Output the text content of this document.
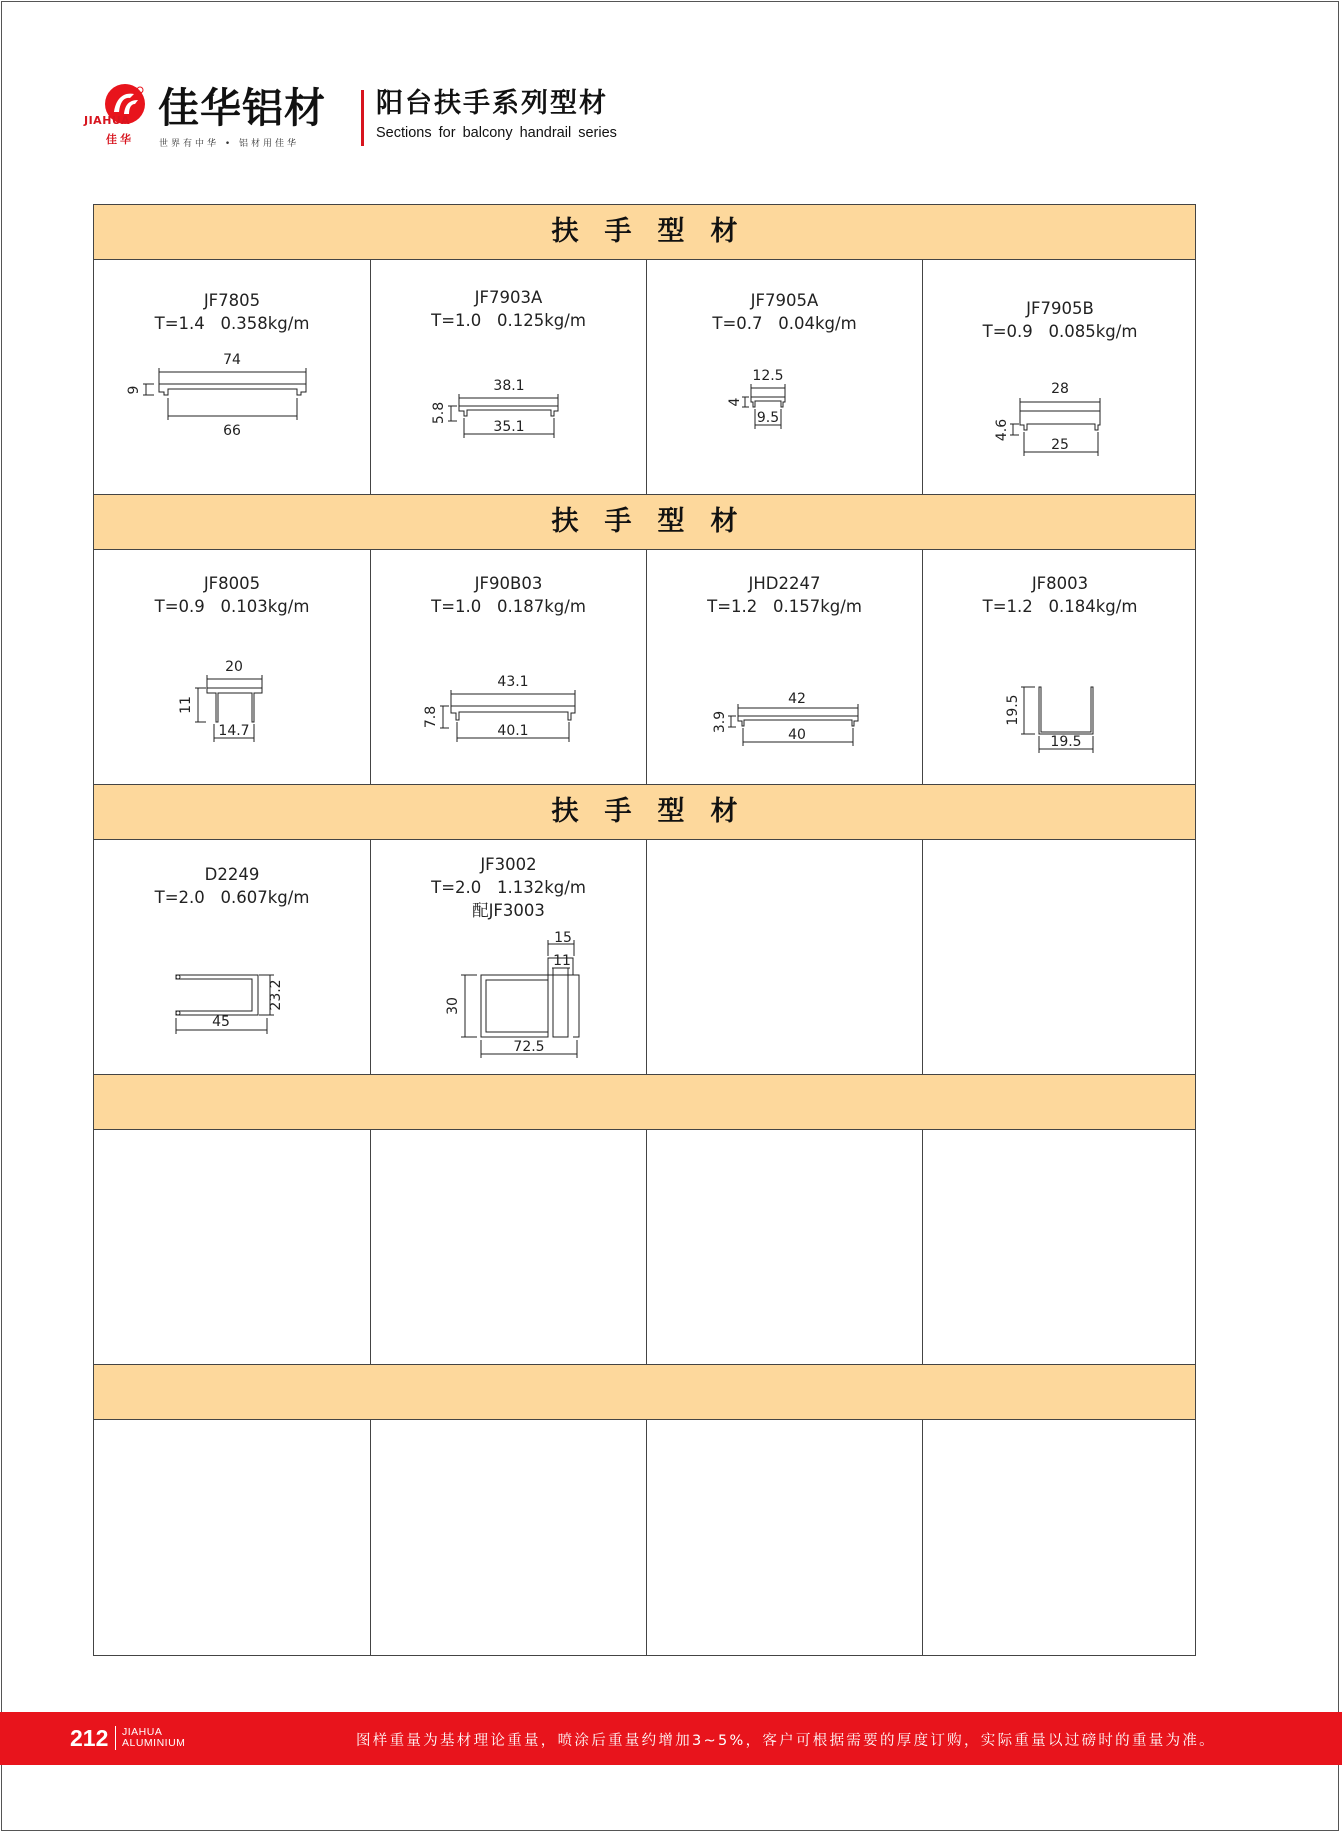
JIAHUA
佳华
佳华铝材
世界有中华 • 铝材用佳华
阳台扶手系列型材
Sections for balcony handrail series
扶手型材
JF7805
T=1.4   0.358kg/m
74
9
66
JF7903A
T=1.0   0.125kg/m
38.1
5.8
35.1
JF7905A
T=0.7   0.04kg/m
12.5
4
9.5
JF7905B
T=0.9   0.085kg/m
28
4.6
25
扶手型材
JF8005
T=0.9   0.103kg/m
20
11
14.7
JF90B03
T=1.0   0.187kg/m
43.1
7.8
40.1
JHD2247
T=1.2   0.157kg/m
42
3.9
40
JF8003
T=1.2   0.184kg/m
19.5
19.5
扶手型材
D2249
T=2.0   0.607kg/m
23.2
45
JF3002
T=2.0   1.132kg/m
配JF3003
15
11
30
72.5
212 JIAHUA
ALUMINIUM	图样重量为基材理论重量，喷涂后重量约增加3~5%，客户可根据需要的厚度订购，实际重量以过磅时的重量为准。
